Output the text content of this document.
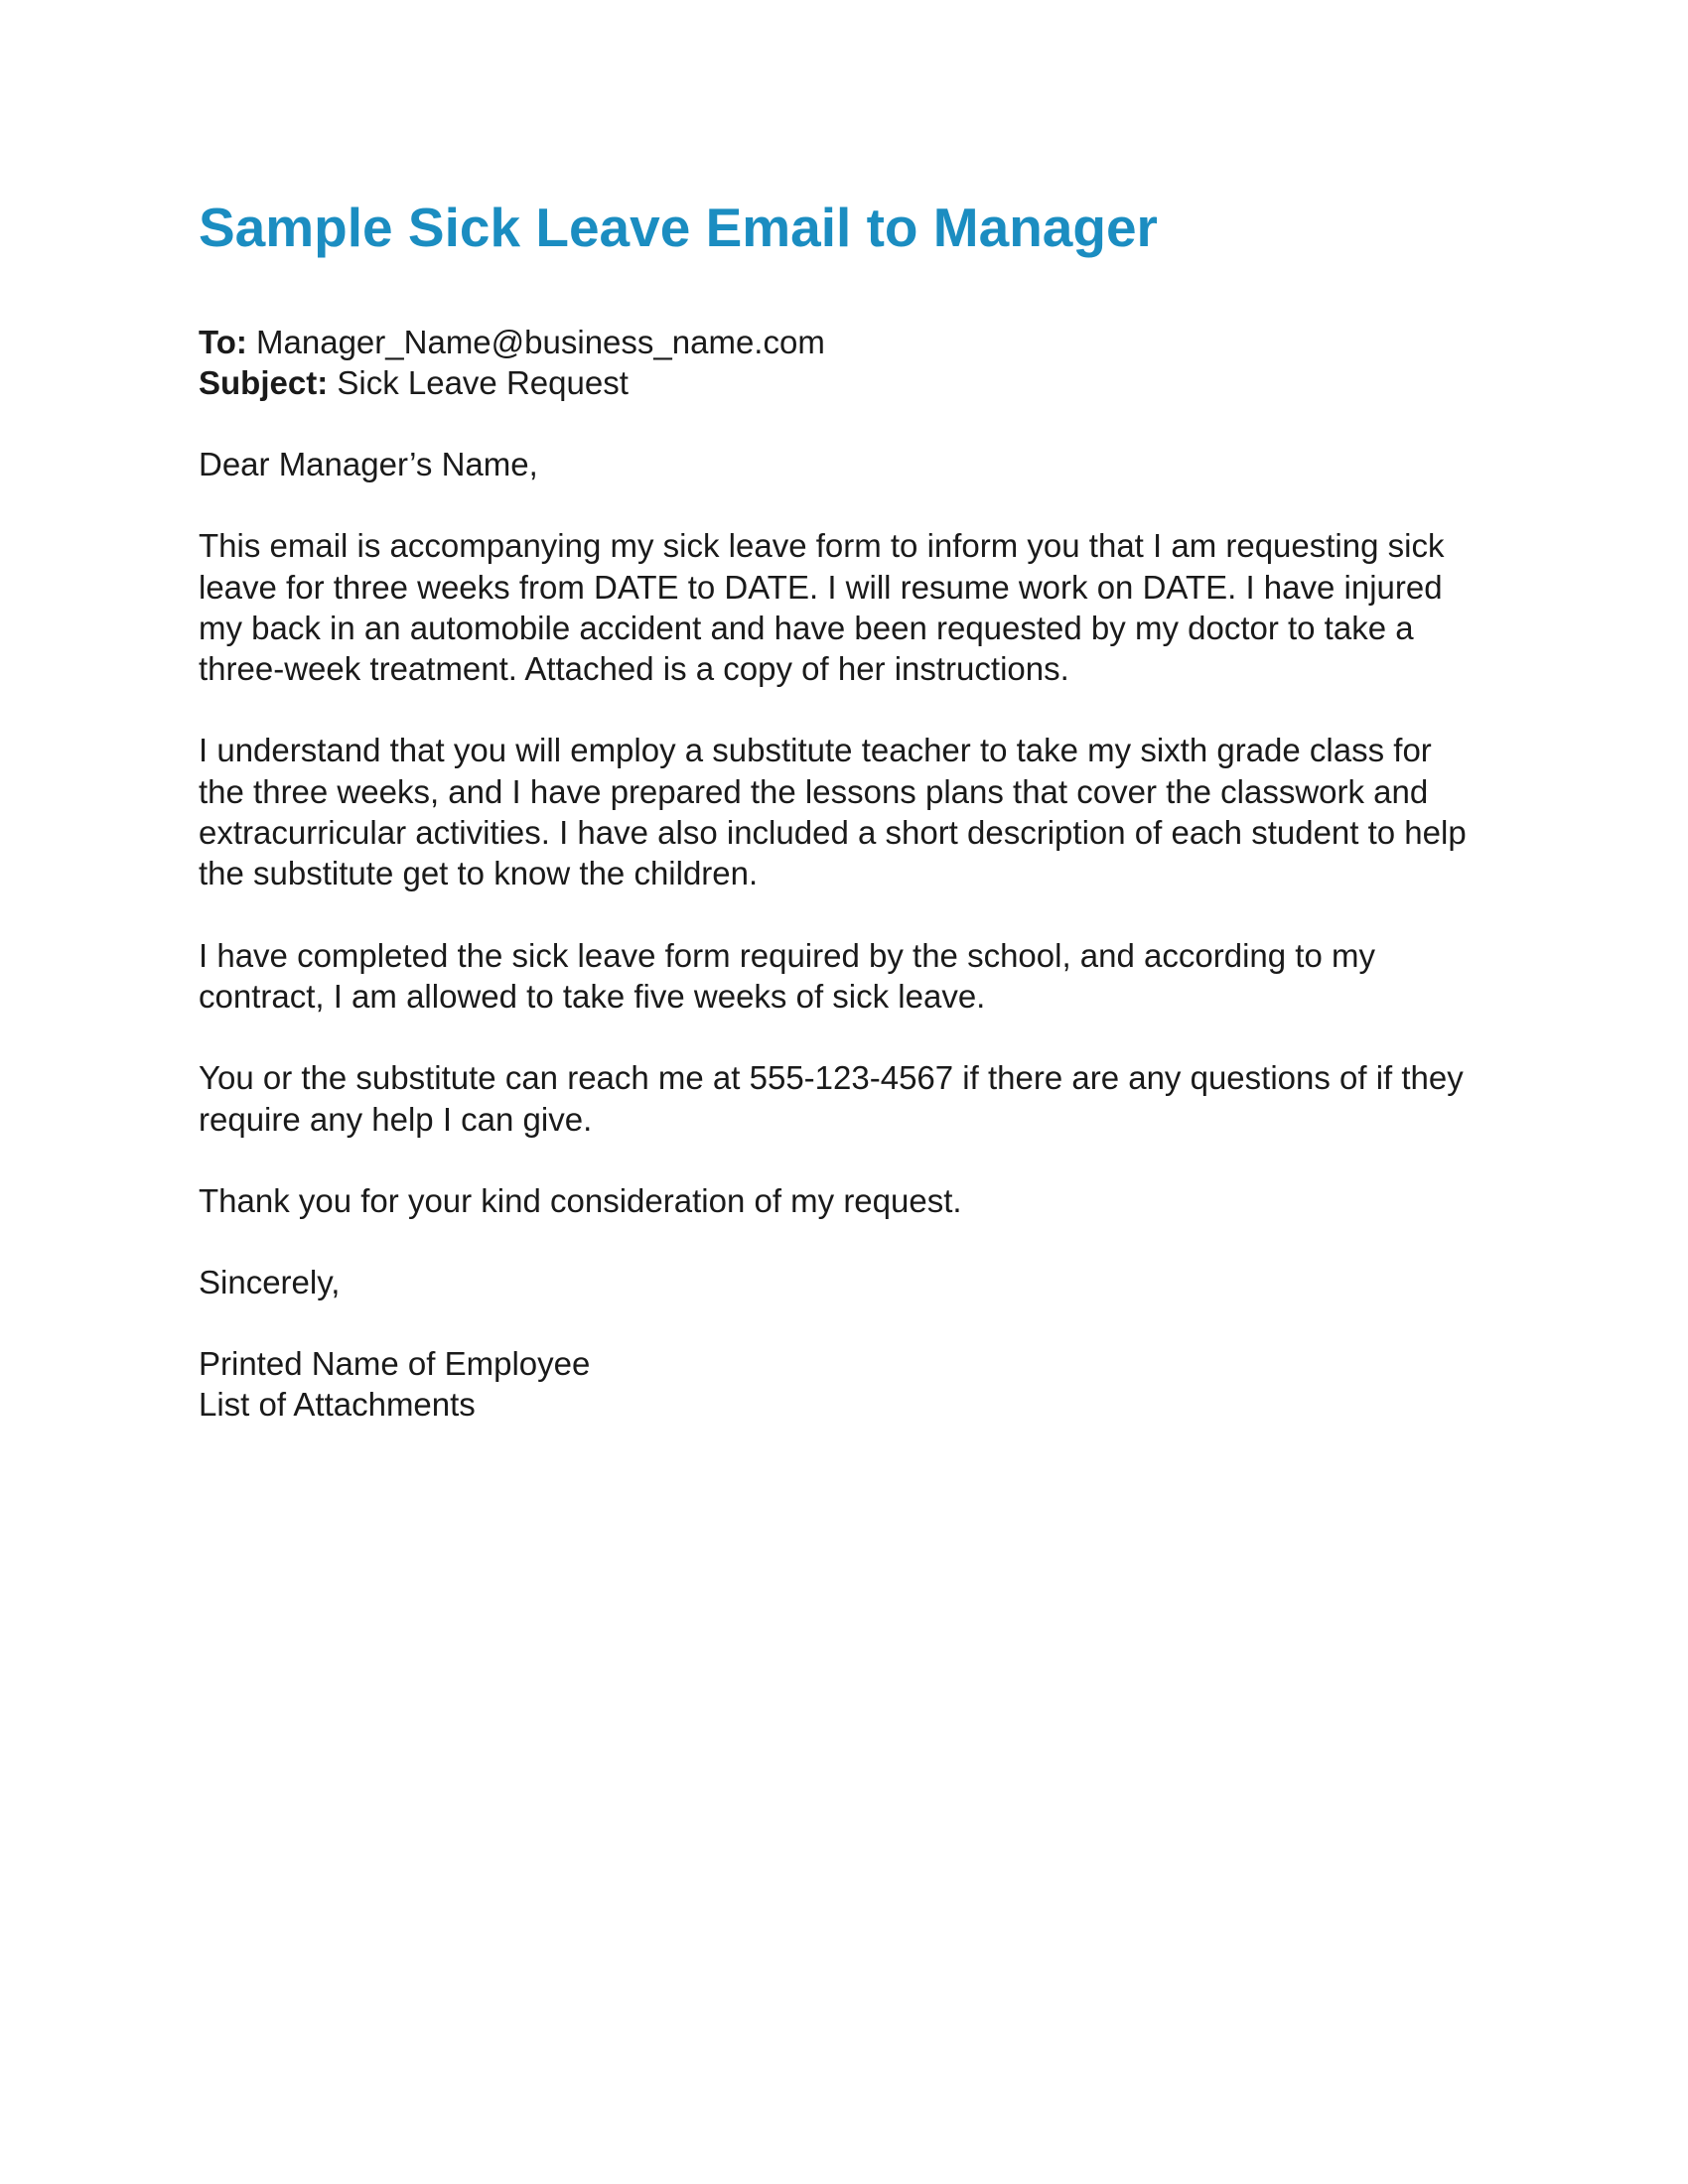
Sample Sick Leave Email to Manager
To: Manager_Name@business_name.com
Subject: Sick Leave Request

Dear Manager’s Name,

This email is accompanying my sick leave form to inform you that I am requesting sick
leave for three weeks from DATE to DATE. I will resume work on DATE. I have injured
my back in an automobile accident and have been requested by my doctor to take a
three-week treatment. Attached is a copy of her instructions.

I understand that you will employ a substitute teacher to take my sixth grade class for
the three weeks, and I have prepared the lessons plans that cover the classwork and
extracurricular activities. I have also included a short description of each student to help
the substitute get to know the children.

I have completed the sick leave form required by the school, and according to my
contract, I am allowed to take five weeks of sick leave.

You or the substitute can reach me at 555-123-4567 if there are any questions of if they
require any help I can give.

Thank you for your kind consideration of my request.

Sincerely,

Printed Name of Employee
List of Attachments
